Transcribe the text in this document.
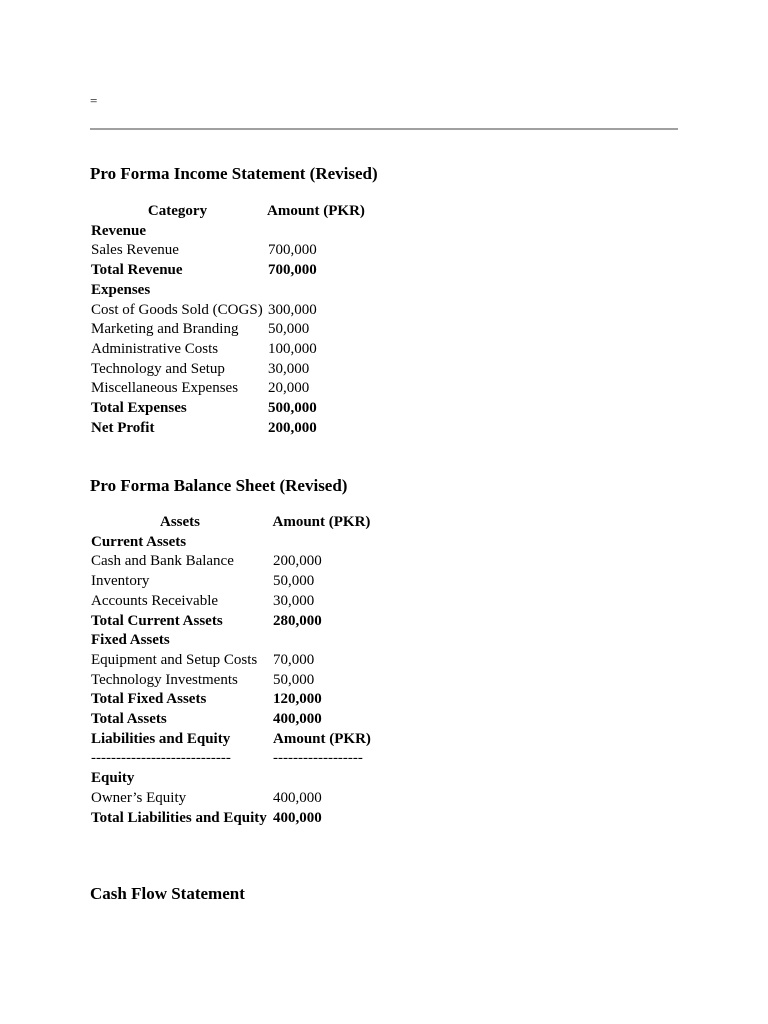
=
Pro Forma Income Statement (Revised)
Category	Amount (PKR)
Revenue	
Sales Revenue	700,000
Total Revenue	700,000
Expenses	
Cost of Goods Sold (COGS)	300,000
Marketing and Branding	50,000
Administrative Costs	100,000
Technology and Setup	30,000
Miscellaneous Expenses	20,000
Total Expenses	500,000
Net Profit	200,000
Pro Forma Balance Sheet (Revised)
Assets	Amount (PKR)
Current Assets	
Cash and Bank Balance	200,000
Inventory	50,000
Accounts Receivable	30,000
Total Current Assets	280,000
Fixed Assets	
Equipment and Setup Costs	70,000
Technology Investments	50,000
Total Fixed Assets	120,000
Total Assets	400,000
Liabilities and Equity	Amount (PKR)
----------------------------	------------------
Equity	
Owner’s Equity	400,000
Total Liabilities and Equity	400,000
Cash Flow Statement
